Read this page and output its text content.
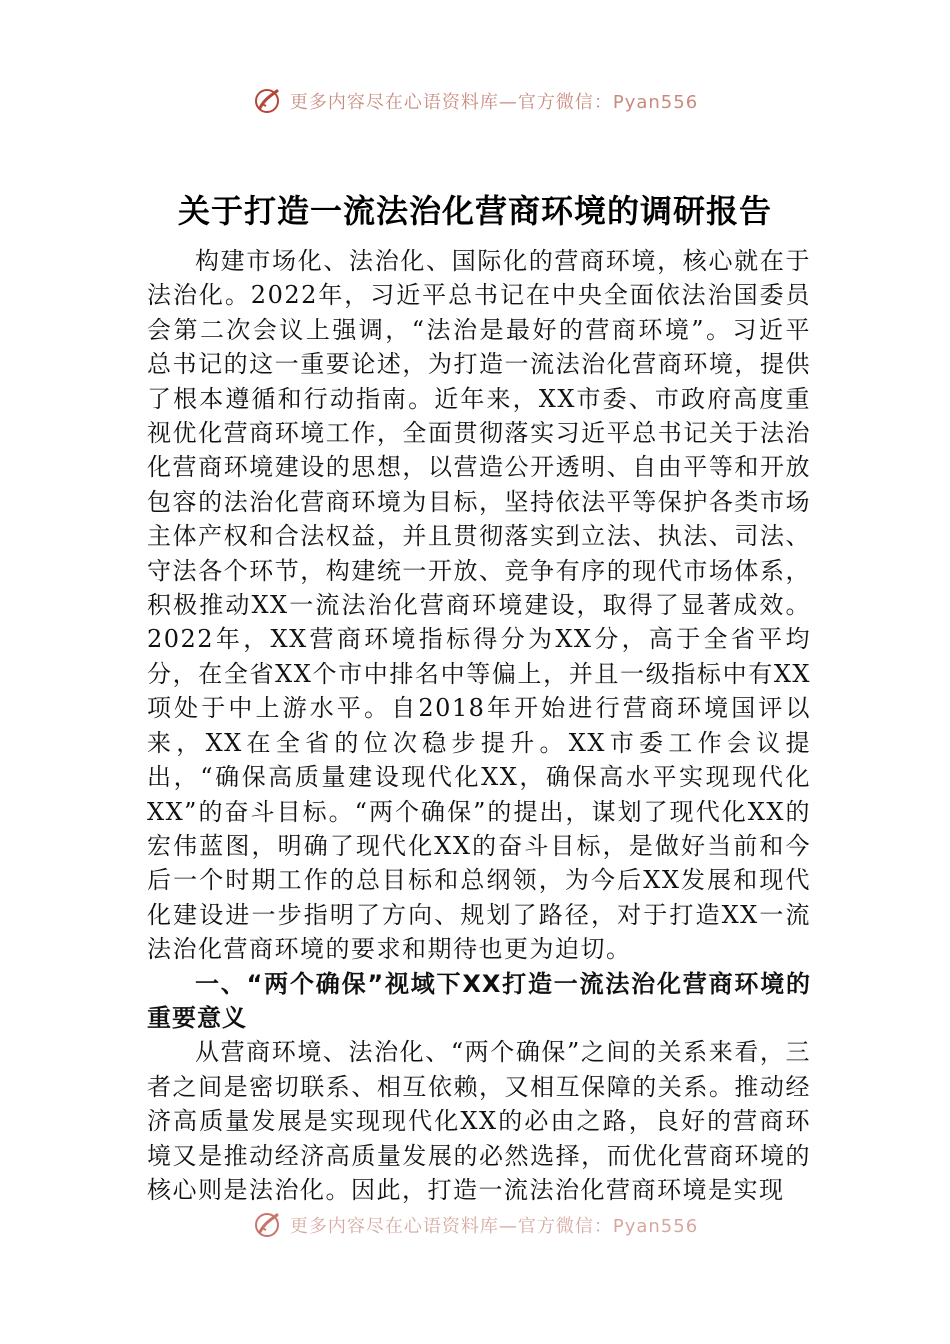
更多内容尽在心语资料库—官方微信：Pyan556
关于打造一流法治化营商环境的调研报告

构建市场化、法治化、国际化的营商环境，核心就在于法治化。2022年，习近平总书记在中央全面依法治国委员会第二次会议上强调，“法治是最好的营商环境”。习近平总书记的这一重要论述，为打造一流法治化营商环境，提供了根本遵循和行动指南。近年来，XX市委、市政府高度重视优化营商环境工作，全面贯彻落实习近平总书记关于法治化营商环境建设的思想，以营造公开透明、自由平等和开放包容的法治化营商环境为目标，坚持依法平等保护各类市场主体产权和合法权益，并且贯彻落实到立法、执法、司法、守法各个环节，构建统一开放、竞争有序的现代市场体系，积极推动XX一流法治化营商环境建设，取得了显著成效。2022年，XX营商环境指标得分为XX分，高于全省平均分，在全省XX个市中排名中等偏上，并且一级指标中有XX项处于中上游水平。自2018年开始进行营商环境国评以来，XX在全省的位次稳步提升。XX市委工作会议提出，“确保高质量建设现代化XX，确保高水平实现现代化XX”的奋斗目标。“两个确保”的提出，谋划了现代化XX的宏伟蓝图，明确了现代化XX的奋斗目标，是做好当前和今后一个时期工作的总目标和总纲领，为今后XX发展和现代化建设进一步指明了方向、规划了路径，对于打造XX一流法治化营商环境的要求和期待也更为迫切。

一、“两个确保”视域下XX打造一流法治化营商环境的重要意义

从营商环境、法治化、“两个确保”之间的关系来看，三者之间是密切联系、相互依赖，又相互保障的关系。推动经济高质量发展是实现现代化XX的必由之路，良好的营商环境又是推动经济高质量发展的必然选择，而优化营商环境的核心则是法治化。因此，打造一流法治化营商环境是实现

更多内容尽在心语资料库—官方微信：Pyan556
